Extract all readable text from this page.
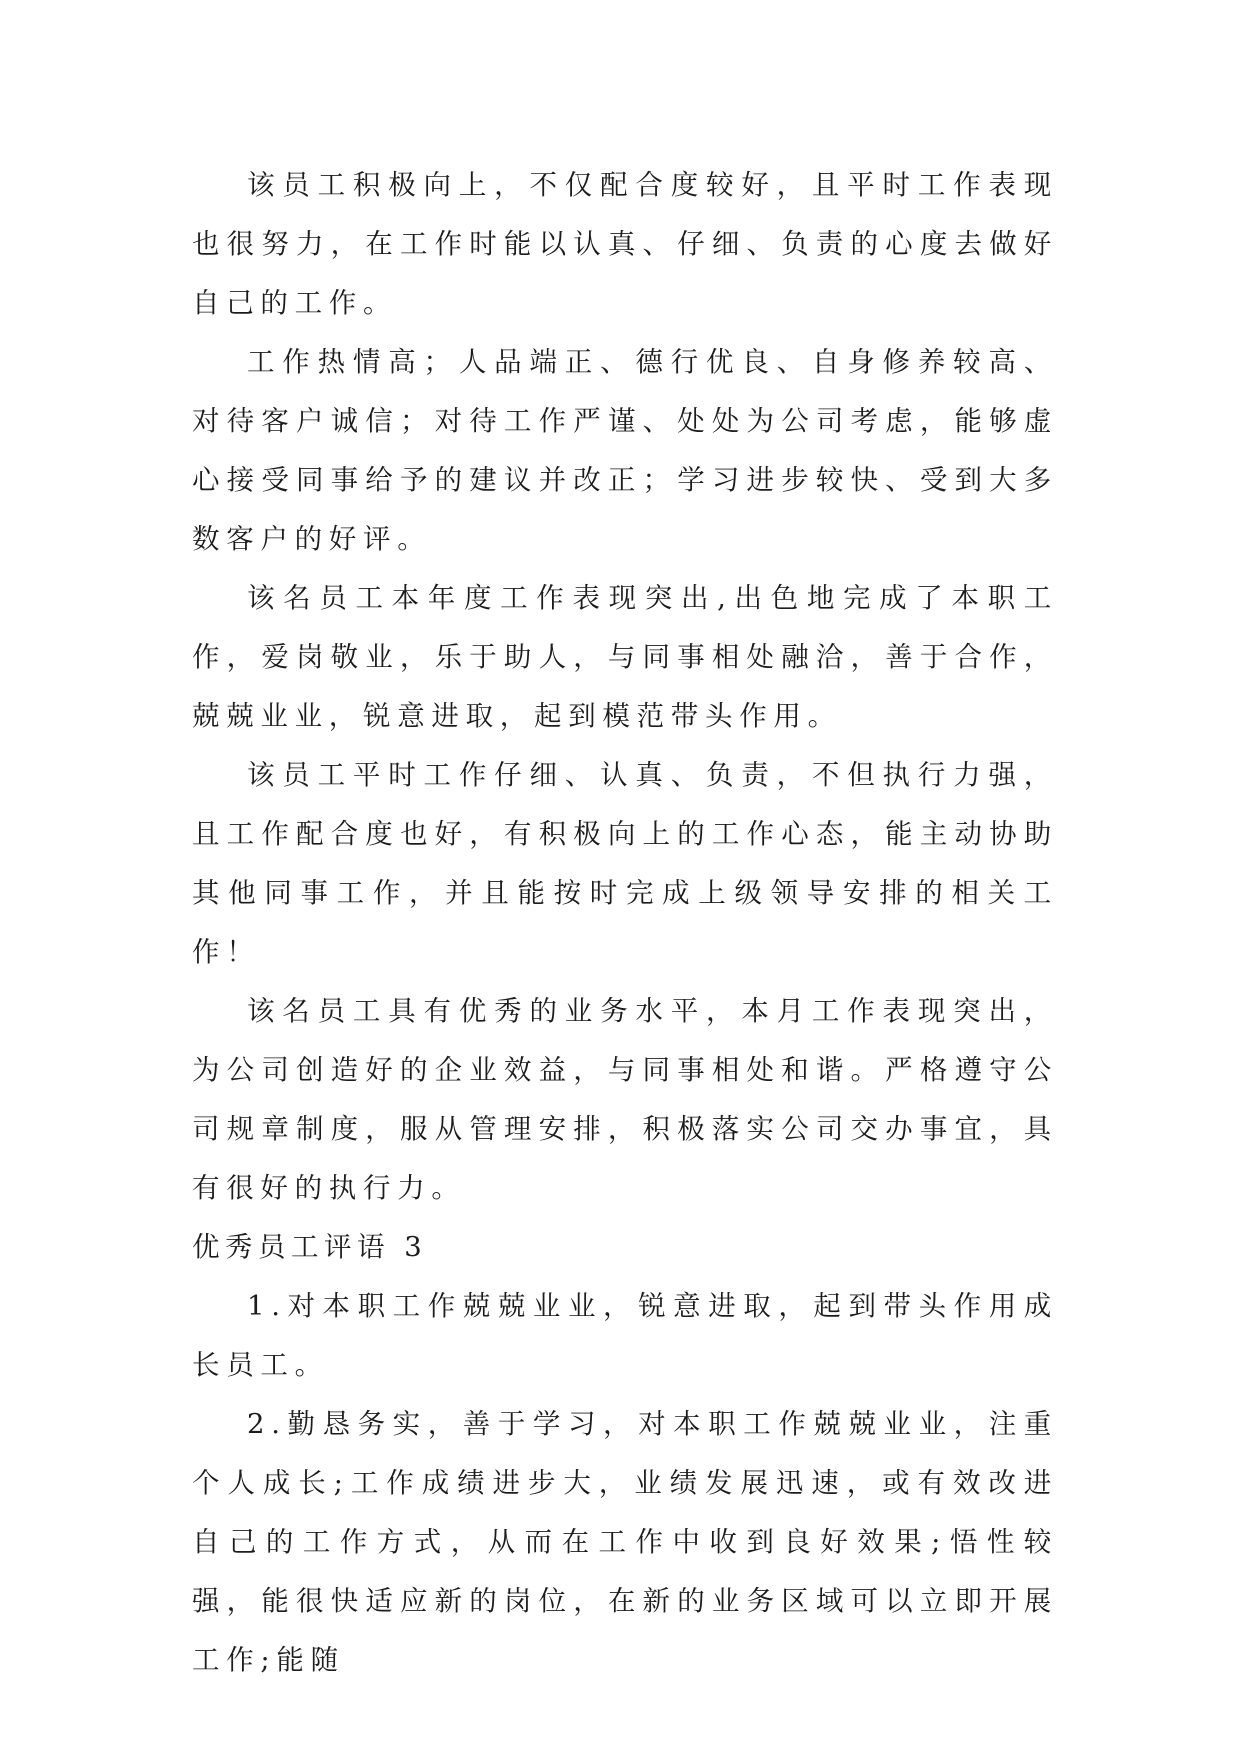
该员工积极向上，不仅配合度较好，且平时工作表现也很努力，在工作时能以认真、仔细、负责的心度去做好自己的工作。

工作热情高；人品端正、德行优良、自身修养较高、对待客户诚信；对待工作严谨、处处为公司考虑，能够虚心接受同事给予的建议并改正；学习进步较快、受到大多数客户的好评。

该名员工本年度工作表现突出,出色地完成了本职工作，爱岗敬业，乐于助人，与同事相处融洽，善于合作，兢兢业业，锐意进取，起到模范带头作用。

该员工平时工作仔细、认真、负责，不但执行力强，且工作配合度也好，有积极向上的工作心态，能主动协助其他同事工作，并且能按时完成上级领导安排的相关工作！

该名员工具有优秀的业务水平，本月工作表现突出，为公司创造好的企业效益，与同事相处和谐。严格遵守公司规章制度，服从管理安排，积极落实公司交办事宜，具有很好的执行力。

优秀员工评语 3

1.对本职工作兢兢业业，锐意进取，起到带头作用成长员工。

2.勤恳务实，善于学习，对本职工作兢兢业业，注重个人成长;工作成绩进步大，业绩发展迅速，或有效改进自己的工作方式，从而在工作中收到良好效果;悟性较强，能很快适应新的岗位，在新的业务区域可以立即开展工作;能随
